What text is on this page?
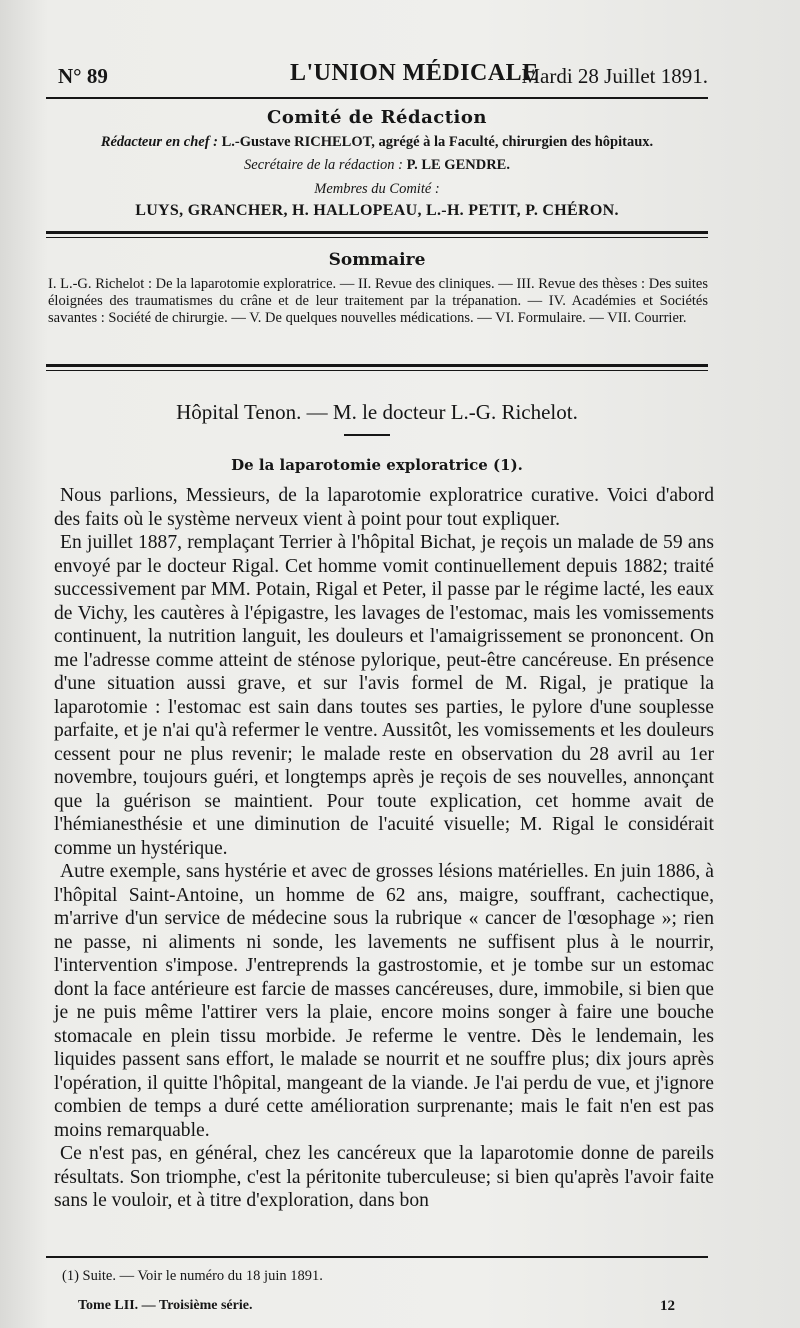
N° 89	L'UNION MÉDICALE
Mardi 28 Juillet 1891.
Comité de Rédaction
Rédacteur en chef : L.-Gustave RICHELOT, agrégé à la Faculté, chirurgien des hôpitaux.
Secrétaire de la rédaction : P. LE GENDRE.
Membres du Comité :
LUYS, GRANCHER, H. HALLOPEAU, L.-H. PETIT, P. CHÉRON.
Sommaire
I. L.-G. Richelot : De la laparotomie exploratrice. — II. Revue des cliniques. — III. Revue des thèses : Des suites éloignées des traumatismes du crâne et de leur traitement par la trépanation. — IV. Académies et Sociétés savantes : Société de chirurgie. — V. De quelques nouvelles médications. — VI. Formulaire. — VII. Courrier.
Hôpital Tenon. — M. le docteur L.-G. Richelot.
De la laparotomie exploratrice (1).

Nous parlions, Messieurs, de la laparotomie exploratrice curative. Voici d'abord des faits où le système nerveux vient à point pour tout expliquer.

En juillet 1887, remplaçant Terrier à l'hôpital Bichat, je reçois un malade de 59 ans envoyé par le docteur Rigal. Cet homme vomit continuellement depuis 1882; traité successivement par MM. Potain, Rigal et Peter, il passe par le régime lacté, les eaux de Vichy, les cautères à l'épigastre, les lavages de l'estomac, mais les vomissements continuent, la nutrition languit, les douleurs et l'amaigrissement se prononcent. On me l'adresse comme atteint de sténose pylorique, peut-être cancéreuse. En présence d'une situation aussi grave, et sur l'avis formel de M. Rigal, je pratique la laparotomie : l'estomac est sain dans toutes ses parties, le pylore d'une souplesse parfaite, et je n'ai qu'à refermer le ventre. Aussitôt, les vomissements et les douleurs cessent pour ne plus revenir; le malade reste en observation du 28 avril au 1er novembre, toujours guéri, et longtemps après je reçois de ses nouvelles, annonçant que la guérison se maintient. Pour toute explication, cet homme avait de l'hémianesthésie et une diminution de l'acuité visuelle; M. Rigal le considérait comme un hystérique.

Autre exemple, sans hystérie et avec de grosses lésions matérielles. En juin 1886, à l'hôpital Saint-Antoine, un homme de 62 ans, maigre, souffrant, cachectique, m'arrive d'un service de médecine sous la rubrique « cancer de l'œsophage »; rien ne passe, ni aliments ni sonde, les lavements ne suffisent plus à le nourrir, l'intervention s'impose. J'entreprends la gastrostomie, et je tombe sur un estomac dont la face antérieure est farcie de masses cancéreuses, dure, immobile, si bien que je ne puis même l'attirer vers la plaie, encore moins songer à faire une bouche stomacale en plein tissu morbide. Je referme le ventre. Dès le lendemain, les liquides passent sans effort, le malade se nourrit et ne souffre plus; dix jours après l'opération, il quitte l'hôpital, mangeant de la viande. Je l'ai perdu de vue, et j'ignore combien de temps a duré cette amélioration surprenante; mais le fait n'en est pas moins remarquable.

Ce n'est pas, en général, chez les cancéreux que la laparotomie donne de pareils résultats. Son triomphe, c'est la péritonite tuberculeuse; si bien qu'après l'avoir faite sans le vouloir, et à titre d'exploration, dans bon

(1) Suite. — Voir le numéro du 18 juin 1891.
Tome LII. — Troisième série.	12
